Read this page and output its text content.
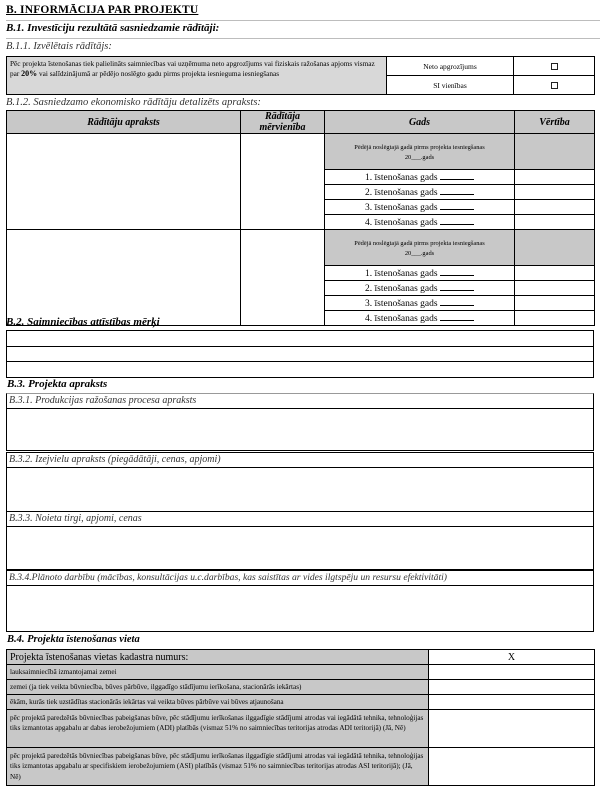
B. INFORMĀCIJA PAR PROJEKTU
B.1. Investīciju rezultātā sasniedzamie rādītāji:
B.1.1. Izvēlētais rādītājs:
Pēc projekta īstenošanas tiek palielināts saimniecības vai uzņēmuma neto apgrozījums vai fiziskais ražošanas apjoms vismaz par 20% vai salīdzinājumā ar pēdējo noslēgto gadu pirms projekta iesnieguma iesniegšanas	Neto apgrozījums	
	SI vienības	
B.1.2. Sasniedzamo ekonomisko rādītāju detalizēts apraksts:
Rādītāju apraksts	Rādītāja mērvienība	Gads	Vērtība

		Pēdējā noslēgtajā gadā pirms projekta iesniegšanas
20___.gads	

		1. īstenošanas gads	
		2. īstenošanas gads	
		3. īstenošanas gads	
		4. īstenošanas gads	

		Pēdējā noslēgtajā gadā pirms projekta iesniegšanas
20___.gads	

		1. īstenošanas gads	
		2. īstenošanas gads	
		3. īstenošanas gads	
		4. īstenošanas gads	
B.2. Saimniecības attīstības mērķi

B.3. Projekta apraksts
B.3.1. Produkcijas ražošanas procesa apraksts
B.3.2. Izejvielu apraksts (piegādātāji, cenas, apjomi)
B.3.3. Noieta tirgi, apjomi, cenas
B.3.4.Plānoto darbību (mācības, konsultācijas u.c.darbības, kas saistītas ar vides ilgtspēju un resursu efektivitāti)
B.4. Projekta īstenošanas vieta
Projekta īstenošanas vietas kadastra numurs:	X
lauksaimniecībā izmantojamai zemei	
zemei (ja tiek veikta būvniecība, būves pārbūve, ilggadīgo stādījumu ierīkošana, stacionārās iekārtas)	
ēkām, kurās tiek uzstādītas stacionārās iekārtas vai veikta būves pārbūve vai būves atjaunošana	
pēc projektā paredzētās būvniecības pabeigšanas būve, pēc stādījumu ierīkošanas ilggadīgie stādījumi atrodas vai iegādātā tehnika, tehnoloģijas tiks izmantotas apgabalu ar dabas ierobežojumiem (ADI) platībās (vismaz 51% no saimniecības teritorijas atrodas ADI teritorijā) (Jā, Nē)	
pēc projektā paredzētās būvniecības pabeigšanas būve, pēc stādījumu ierīkošanas ilggadīgie stādījumi atrodas vai iegādātā tehnika, tehnoloģijas tiks izmantotas apgabalu ar specifiskiem ierobežojumiem (ASI) platībās (vismaz 51% no saimniecības teritorijas atrodas ASI teritorijā); (Jā, Nē)	
